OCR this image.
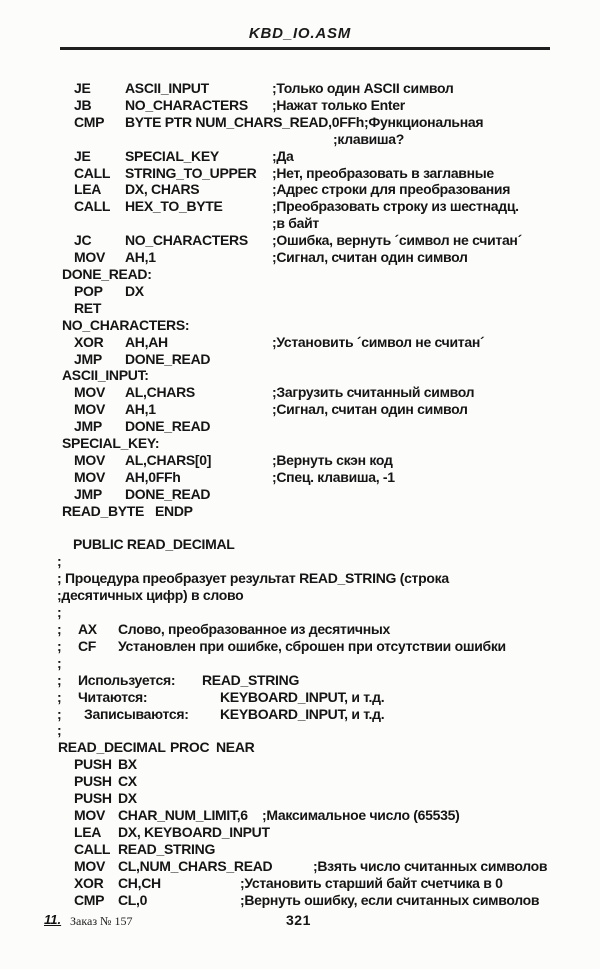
KBD_IO.ASM
JE ASCII_INPUT	;Только один ASCII символ
JB NO_CHARACTERS ;Нажат только Enter
CMP BYTE PTR NUM_CHARS_READ,0FFh;Функциональная
;клавиша?
JE SPECIAL_KEY	;Да
CALL STRING_TO_UPPER ;Нет, преобразовать в заглавные
LEA DX, CHARS	;Адрес строки для преобразования
CALL HEX_TO_BYTE	;Преобразовать строку из шестнадц.
;в байт
JC NO_CHARACTERS ;Ошибка, вернуть ´символ не считан´
MOV AH,1	;Сигнал, считан один символ
DONE_READ:
POP DX
RET
NO_CHARACTERS:
XOR AH,AH	;Установить ´символ не считан´
JMP DONE_READ
ASCII_INPUT:
MOV AL,CHARS	;Загрузить считанный символ
MOV AH,1	;Сигнал, считан один символ
JMP DONE_READ
SPECIAL_KEY:
MOV AL,CHARS[0]	;Вернуть скэн код
MOV AH,0FFh	;Спец. клавиша, -1
JMP DONE_READ
READ_BYTE ENDP
PUBLIC READ_DECIMAL
;
; Процедура преобразует результат READ_STRING (строка
;десятичных цифр) в слово
;
; AX Слово, преобразованное из десятичных
; CF Установлен при ошибке, сброшен при отсутствии ошибки
;
; Используется: READ_STRING
; Читаются:	KEYBOARD_INPUT, и т.д.
; Записываются: KEYBOARD_INPUT, и т.д.
;
READ_DECIMAL PROC NEAR
PUSH BX
PUSH CX
PUSH DX
MOV CHAR_NUM_LIMIT,6 ;Максимальное число (65535)
LEA DX, KEYBOARD_INPUT
CALL READ_STRING
MOV CL,NUM_CHARS_READ	;Взять число считанных символов
XOR CH,CH	;Установить старший байт счетчика в 0
CMP CL,0	;Вернуть ошибку, если считанных символов
11. Заказ № 157	321
